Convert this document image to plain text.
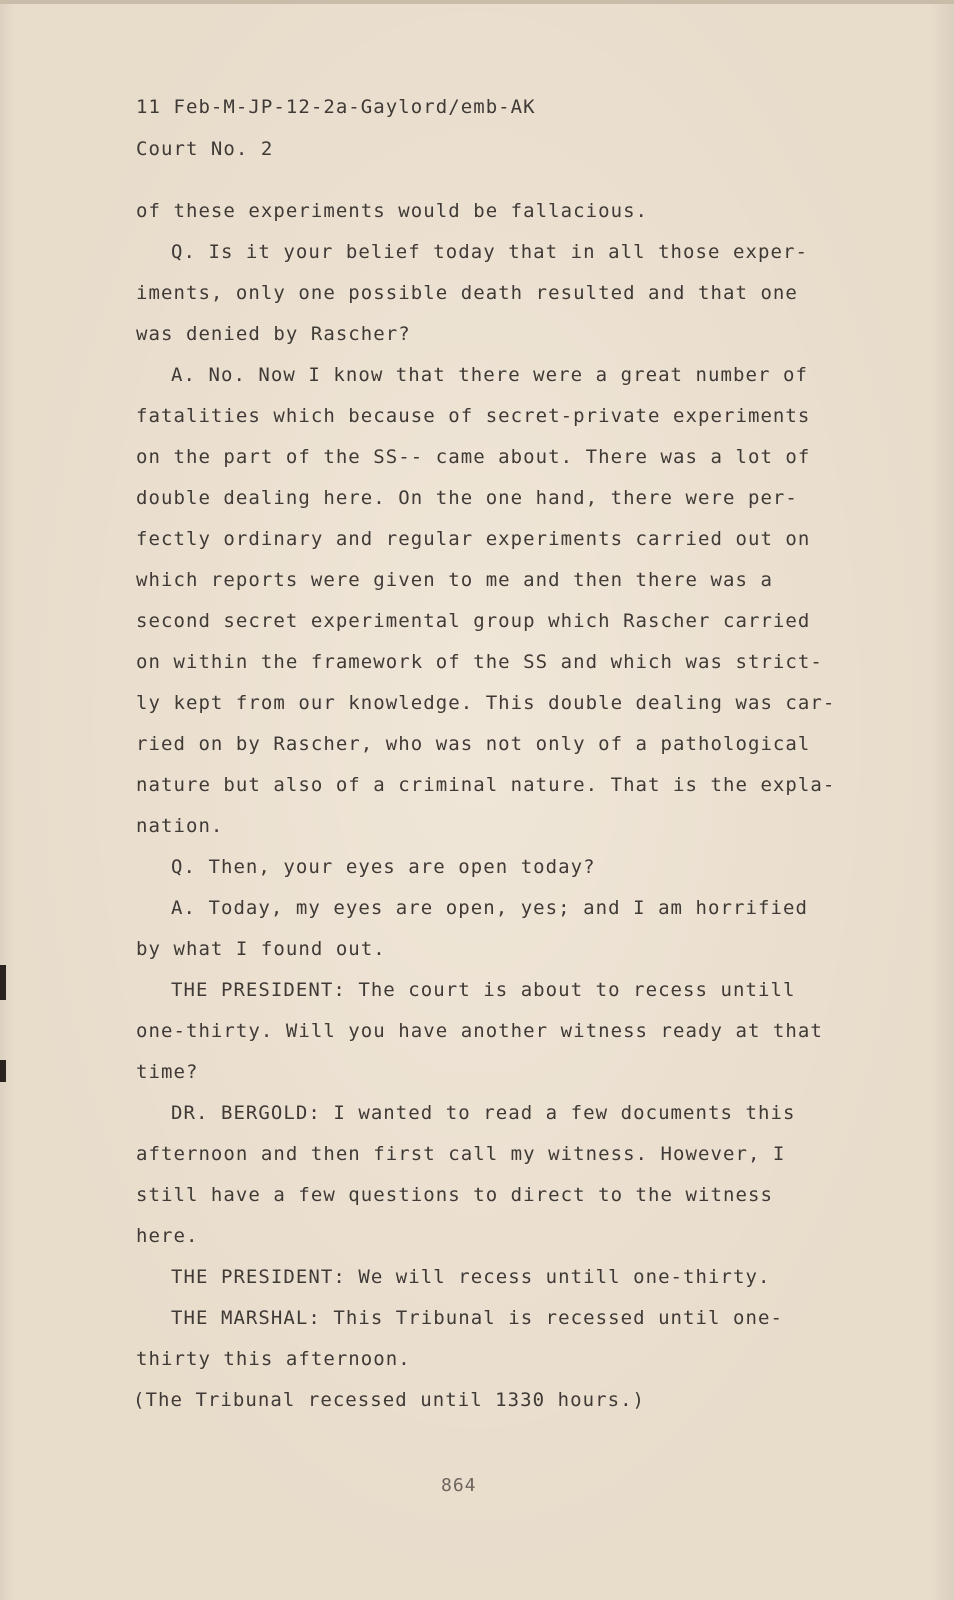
11 Feb-M-JP-12-2a-Gaylord/emb-AK
Court No. 2
of these experiments would be fallacious.
Q. Is it your belief today that in all those exper-
iments, only one possible death resulted and that one
was denied by Rascher?
A. No. Now I know that there were a great number of
fatalities which because of secret-private experiments
on the part of the SS-- came about. There was a lot of
double dealing here. On the one hand, there were per-
fectly ordinary and regular experiments carried out on
which reports were given to me and then there was a
second secret experimental group which Rascher carried
on within the framework of the SS and which was strict-
ly kept from our knowledge. This double dealing was car-
ried on by Rascher, who was not only of a pathological
nature but also of a criminal nature. That is the expla-
nation.
Q. Then, your eyes are open today?
A. Today, my eyes are open, yes; and I am horrified
by what I found out.
THE PRESIDENT: The court is about to recess untill
one-thirty. Will you have another witness ready at that
time?
DR. BERGOLD: I wanted to read a few documents this
afternoon and then first call my witness. However, I
still have a few questions to direct to the witness
here.
THE PRESIDENT: We will recess untill one-thirty.
THE MARSHAL: This Tribunal is recessed until one-
thirty this afternoon.
(The Tribunal recessed until 1330 hours.)
864
